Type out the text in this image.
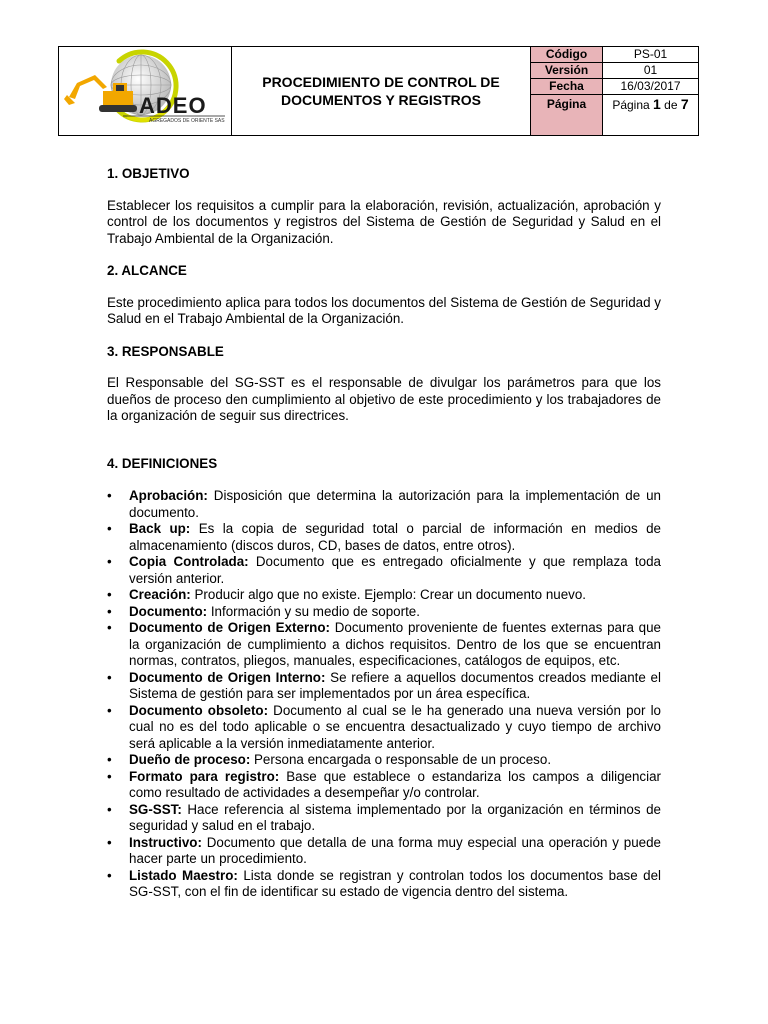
ADEO
AGREGADOS DE ORIENTE SAS
PROCEDIMIENTO DE CONTROL DE DOCUMENTOS Y REGISTROS
Código	PS-01
Versión	01
Fecha	16/03/2017
Página	Página 1 de 7
1. OBJETIVO

Establecer los requisitos a cumplir para la elaboración, revisión, actualización, aprobación y control de los documentos y registros del Sistema de Gestión de Seguridad y Salud en el Trabajo Ambiental de la Organización.

2. ALCANCE

Este procedimiento aplica para todos los documentos del Sistema de Gestión de Seguridad y Salud en el Trabajo Ambiental de la Organización.

3. RESPONSABLE

El Responsable del SG-SST es el responsable de divulgar los parámetros para que los dueños de proceso den cumplimiento al objetivo de este procedimiento y los trabajadores de la organización de seguir sus directrices.

4. DEFINICIONES
• Aprobación: Disposición que determina la autorización para la implementación de un documento.
• Back up: Es la copia de seguridad total o parcial de información en medios de almacenamiento (discos duros, CD, bases de datos, entre otros).
• Copia Controlada: Documento que es entregado oficialmente y que remplaza toda versión anterior.
• Creación: Producir algo que no existe. Ejemplo: Crear un documento nuevo.
• Documento: Información y su medio de soporte.
• Documento de Origen Externo: Documento proveniente de fuentes externas para que la organización de cumplimiento a dichos requisitos. Dentro de los que se encuentran normas, contratos, pliegos, manuales, especificaciones, catálogos de equipos, etc.
• Documento de Origen Interno: Se refiere a aquellos documentos creados mediante el Sistema de gestión para ser implementados por un área específica.
• Documento obsoleto: Documento al cual se le ha generado una nueva versión por lo cual no es del todo aplicable o se encuentra desactualizado y cuyo tiempo de archivo será aplicable a la versión inmediatamente anterior.
• Dueño de proceso: Persona encargada o responsable de un proceso.
• Formato para registro: Base que establece o estandariza los campos a diligenciar como resultado de actividades a desempeñar y/o controlar.
• SG-SST: Hace referencia al sistema implementado por la organización en términos de seguridad y salud en el trabajo.
• Instructivo: Documento que detalla de una forma muy especial una operación y puede hacer parte un procedimiento.
• Listado Maestro: Lista donde se registran y controlan todos los documentos base del SG-SST, con el fin de identificar su estado de vigencia dentro del sistema.
